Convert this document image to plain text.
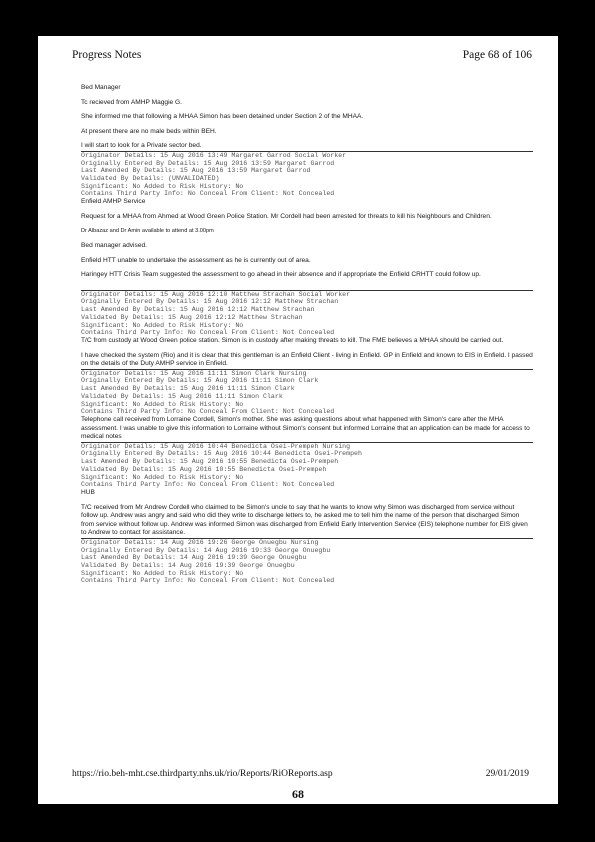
Progress Notes	Page 68 of 106

Bed Manager

Tc recieved from AMHP Maggie G.

She informed me that following a MHAA Simon has been detained under Section 2 of the MHAA.

At present there are no male beds within BEH.

I will start to look for a Private sector bed.

Originator Details: 15 Aug 2016 13:49 Margaret Garrod Social Worker
Originally Entered By Details: 15 Aug 2016 13:59 Margaret Garrod
Last Amended By Details: 15 Aug 2016 13:59 Margaret Garrod
Validated By Details: (UNVALIDATED)
Significant: No Added to Risk History: No
Contains Third Party Info: No Conceal From Client: Not Concealed

Enfield AMHP Service

Request for a MHAA from Ahmed at Wood Green Police Station. Mr Cordell had been arrested for threats to kill his Neighbours and Children.

Dr Albazaz and Dr Amin available to attend at 3.00pm

Bed manager advised.

Enfield HTT unable to undertake the assessment as he is currently out of area.

Haringey HTT Crisis Team suggested the assessment to go ahead in their absence and if appropriate the Enfield CRHTT could follow up.

Originator Details: 15 Aug 2016 12:10 Matthew Strachan Social Worker
Originally Entered By Details: 15 Aug 2016 12:12 Matthew Strachan
Last Amended By Details: 15 Aug 2016 12:12 Matthew Strachan
Validated By Details: 15 Aug 2016 12:12 Matthew Strachan
Significant: No Added to Risk History: No
Contains Third Party Info: No Conceal From Client: Not Concealed

T/C from custody at Wood Green police station. Simon is in custody after making threats to kill. The FME believes a MHAA should be carried out.

I have checked the system (Rio) and it is clear that this gentleman is an Enfield Client - living in Enfield. GP in Enfield and known to EIS in Enfield. I passed on the details of the Duty AMHP service in Enfield.

Originator Details: 15 Aug 2016 11:11 Simon Clark Nursing
Originally Entered By Details: 15 Aug 2016 11:11 Simon Clark
Last Amended By Details: 15 Aug 2016 11:11 Simon Clark
Validated By Details: 15 Aug 2016 11:11 Simon Clark
Significant: No Added to Risk History: No
Contains Third Party Info: No Conceal From Client: Not Concealed

Telephone call received from Lorraine Cordell, Simon's mother. She was asking questions about what happened with Simon's care after the MHA assessment. I was unable to give this information to Lorraine without Simon's consent but informed Lorraine that an application can be made for access to medical notes

Originator Details: 15 Aug 2016 10:44 Benedicta Osei-Prempeh Nursing
Originally Entered By Details: 15 Aug 2016 10:44 Benedicta Osei-Prempeh
Last Amended By Details: 15 Aug 2016 10:55 Benedicta Osei-Prempeh
Validated By Details: 15 Aug 2016 10:55 Benedicta Osei-Prempeh
Significant: No Added to Risk History: No
Contains Third Party Info: No Conceal From Client: Not Concealed

HUB

T/C received from Mr Andrew Cordell who claimed to be Simon's uncle to say that he wants to know why Simon was discharged from service without follow up. Andrew was angry and said who did they write to discharge letters to, he asked me to tell him the name of the person that discharged Simon from service without follow up. Andrew was informed Simon was discharged from Enfield Early Intervention Service (EIS) telephone number for EIS given to Andrew to contact for assistance.

Originator Details: 14 Aug 2016 19:26 George Onuegbu Nursing
Originally Entered By Details: 14 Aug 2016 19:33 George Onuegbu
Last Amended By Details: 14 Aug 2016 19:39 George Onuegbu
Validated By Details: 14 Aug 2016 19:39 George Onuegbu
Significant: No Added to Risk History: No
Contains Third Party Info: No Conceal From Client: Not Concealed
https://rio.beh-mht.cse.thirdparty.nhs.uk/rio/Reports/RiOReports.asp	29/01/2019
68
